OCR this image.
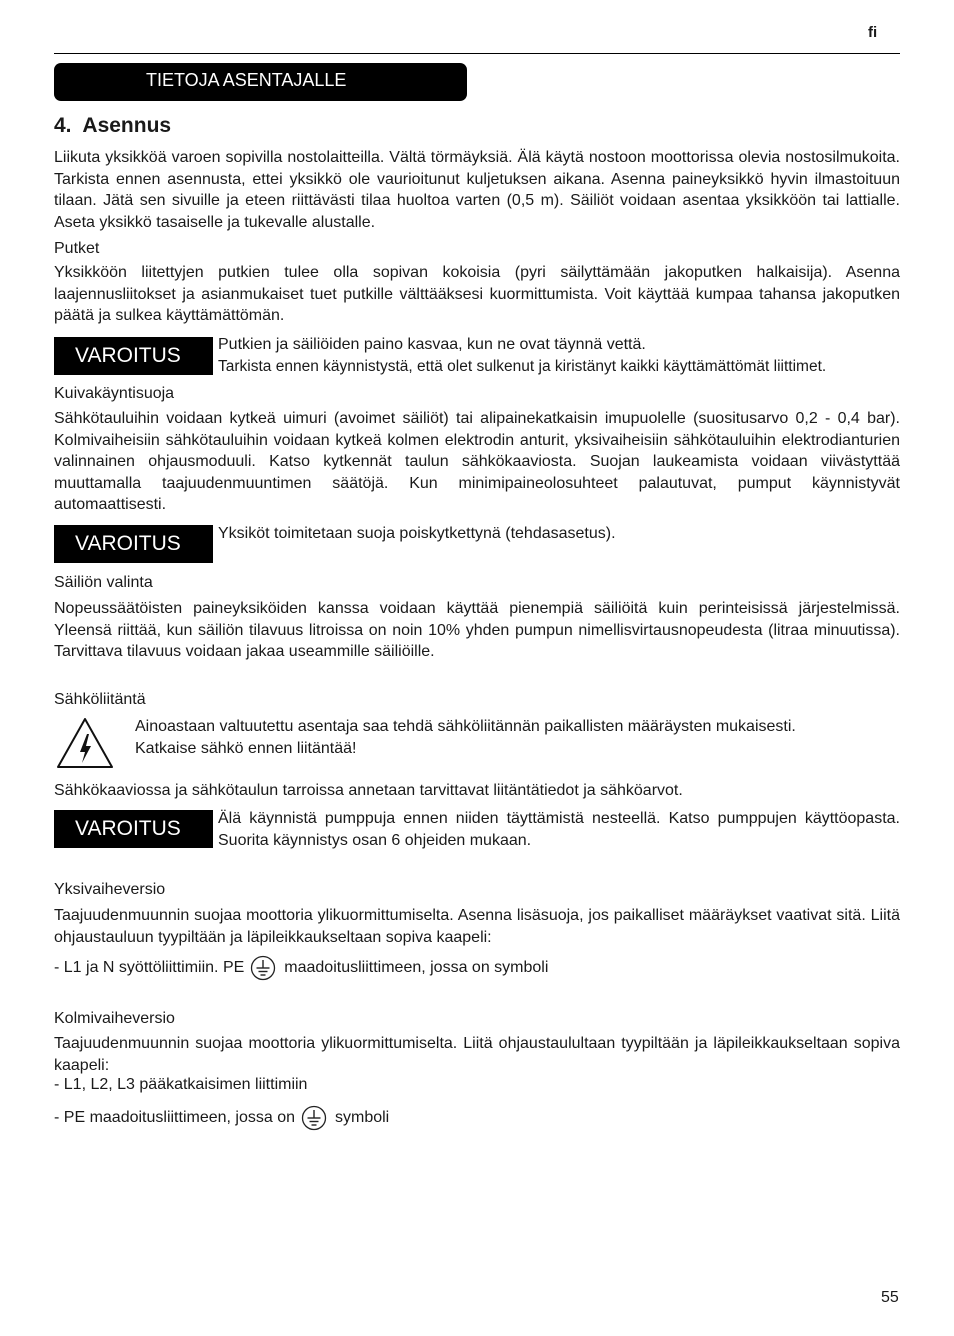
fi
TIETOJA ASENTAJALLE
4.  Asennus
Liikuta yksikköä varoen sopivilla nostolaitteilla. Vältä törmäyksiä. Älä käytä nostoon moottorissa olevia nostosilmukoita. Tarkista ennen asennusta, ettei yksikkö ole vaurioitunut kuljetuksen aikana. Asenna paineyksikkö hyvin ilmastoituun tilaan. Jätä sen sivuille ja eteen riittävästi tilaa huoltoa varten (0,5 m). Säiliöt voidaan asentaa yksikköön tai lattialle. Aseta yksikkö tasaiselle ja tukevalle alustalle.
Putket
Yksikköön liitettyjen putkien tulee olla sopivan kokoisia (pyri säilyttämään jakoputken halkaisija). Asenna laajennusliitokset ja asianmukaiset tuet putkille välttääksesi kuormittumista. Voit käyttää kumpaa tahansa jakoputken päätä ja sulkea käyttämättömän.
VAROITUS	Putkien ja säiliöiden paino kasvaa, kun ne ovat täynnä vettä.
Tarkista ennen käynnistystä, että olet sulkenut ja kiristänyt kaikki käyttämättömät liittimet.
Kuivakäyntisuoja
Sähkötauluihin voidaan kytkeä uimuri (avoimet säiliöt) tai alipainekatkaisin imupuolelle (suositusarvo 0,2 - 0,4 bar). Kolmivaiheisiin sähkötauluihin voidaan kytkeä kolmen elektrodin anturit, yksivaiheisiin sähkötauluihin elektrodianturien valinnainen ohjausmoduuli. Katso kytkennät taulun sähkökaaviosta. Suojan laukeamista voidaan viivästyttää muuttamalla taajuudenmuuntimen säätöjä. Kun minimipaineolosuhteet palautuvat, pumput käynnistyvät automaattisesti.
VAROITUS	Yksiköt toimitetaan suoja poiskytkettynä (tehdasasetus).
Säiliön valinta
Nopeussäätöisten paineyksiköiden kanssa voidaan käyttää pienempiä säiliöitä kuin perinteisissä järjestelmissä. Yleensä riittää, kun säiliön tilavuus litroissa on noin 10% yhden pumpun nimellisvirtausnopeudesta (litraa minuutissa). Tarvittava tilavuus voidaan jakaa useammille säiliöille.
Sähköliitäntä
Ainoastaan valtuutettu asentaja saa tehdä sähköliitännän paikallisten määräysten mukaisesti.
Katkaise sähkö ennen liitäntää!
Sähkökaaviossa ja sähkötaulun tarroissa annetaan tarvittavat liitäntätiedot ja sähköarvot.
VAROITUS	Älä käynnistä pumppuja ennen niiden täyttämistä nesteellä. Katso pumppujen käyttöopasta. Suorita käynnistys osan 6 ohjeiden mukaan.
Yksivaiheversio
Taajuudenmuunnin suojaa moottoria ylikuormittumiselta. Asenna lisäsuoja, jos paikalliset määräykset vaativat sitä. Liitä ohjaustauluun tyypiltään ja läpileikkaukseltaan sopiva kaapeli:
- L1 ja N syöttöliittimiin. PE	maadoitusliittimeen, jossa on symboli
Kolmivaiheversio
Taajuudenmuunnin suojaa moottoria ylikuormittumiselta. Liitä ohjaustaulultaan tyypiltään ja läpileikkaukseltaan sopiva kaapeli:
- L1, L2, L3 pääkatkaisimen liittimiin
- PE maadoitusliittimeen, jossa on	symboli
55
